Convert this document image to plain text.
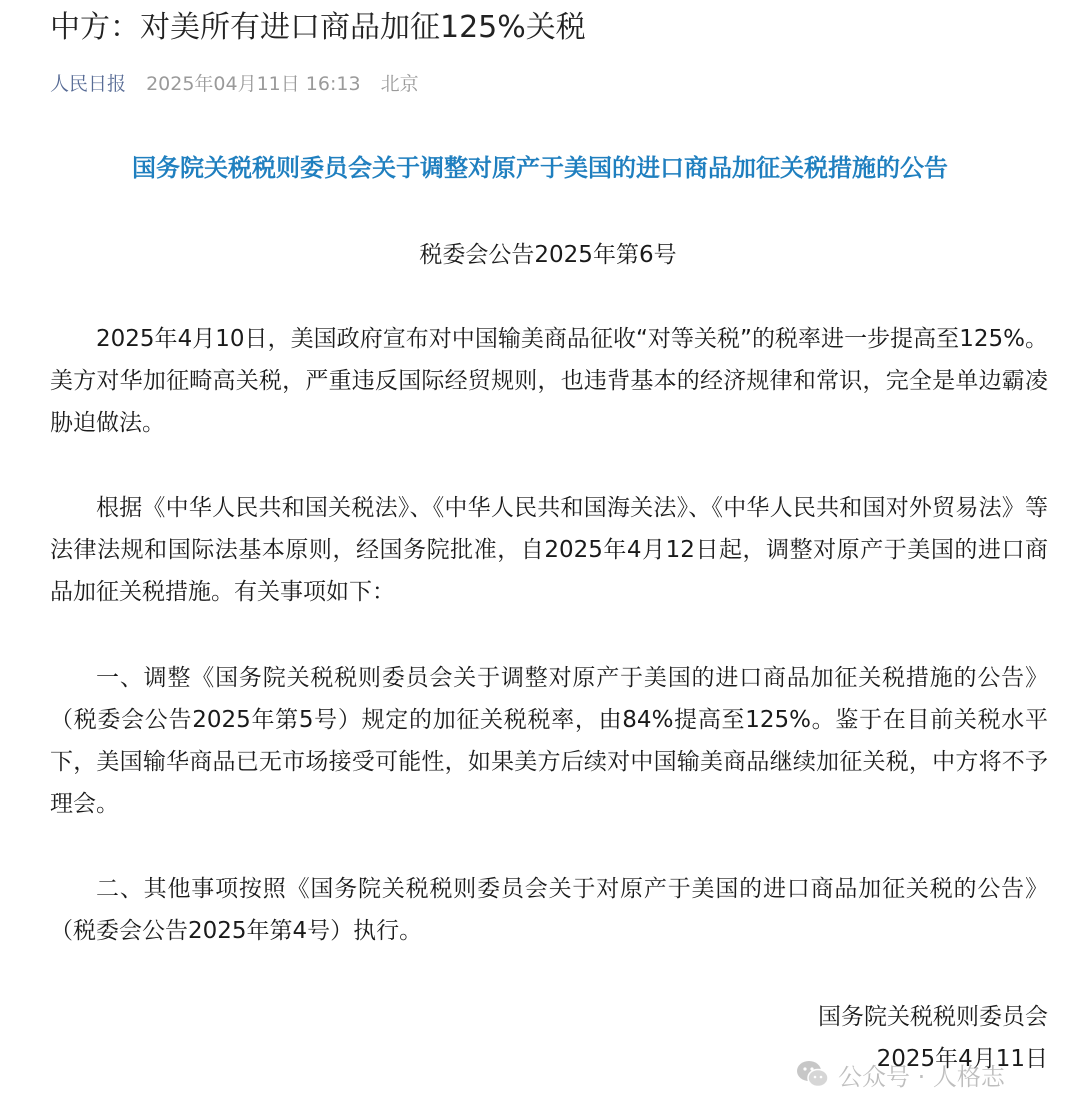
中方：对美所有进口商品加征125%关税
人民日报 2025年04月11日 16:13 北京
国务院关税税则委员会关于调整对原产于美国的进口商品加征关税措施的公告
税委会公告2025年第6号

2025年4月10日，美国政府宣布对中国输美商品征收“对等关税”的税率进一步提高至125%。美方对华加征畸高关税，严重违反国际经贸规则，也违背基本的经济规律和常识，完全是单边霸凌胁迫做法。

根据《中华人民共和国关税法》、《中华人民共和国海关法》、《中华人民共和国对外贸易法》等法律法规和国际法基本原则，经国务院批准，自2025年4月12日起，调整对原产于美国的进口商品加征关税措施。有关事项如下：

一、调整《国务院关税税则委员会关于调整对原产于美国的进口商品加征关税措施的公告》（税委会公告2025年第5号）规定的加征关税税率，由84%提高至125%。鉴于在目前关税水平下，美国输华商品已无市场接受可能性，如果美方后续对中国输美商品继续加征关税，中方将不予理会。

二、其他事项按照《国务院关税税则委员会关于对原产于美国的进口商品加征关税的公告》（税委会公告2025年第4号）执行。

国务院关税税则委员会
2025年4月11日
公众号 · 人格志
